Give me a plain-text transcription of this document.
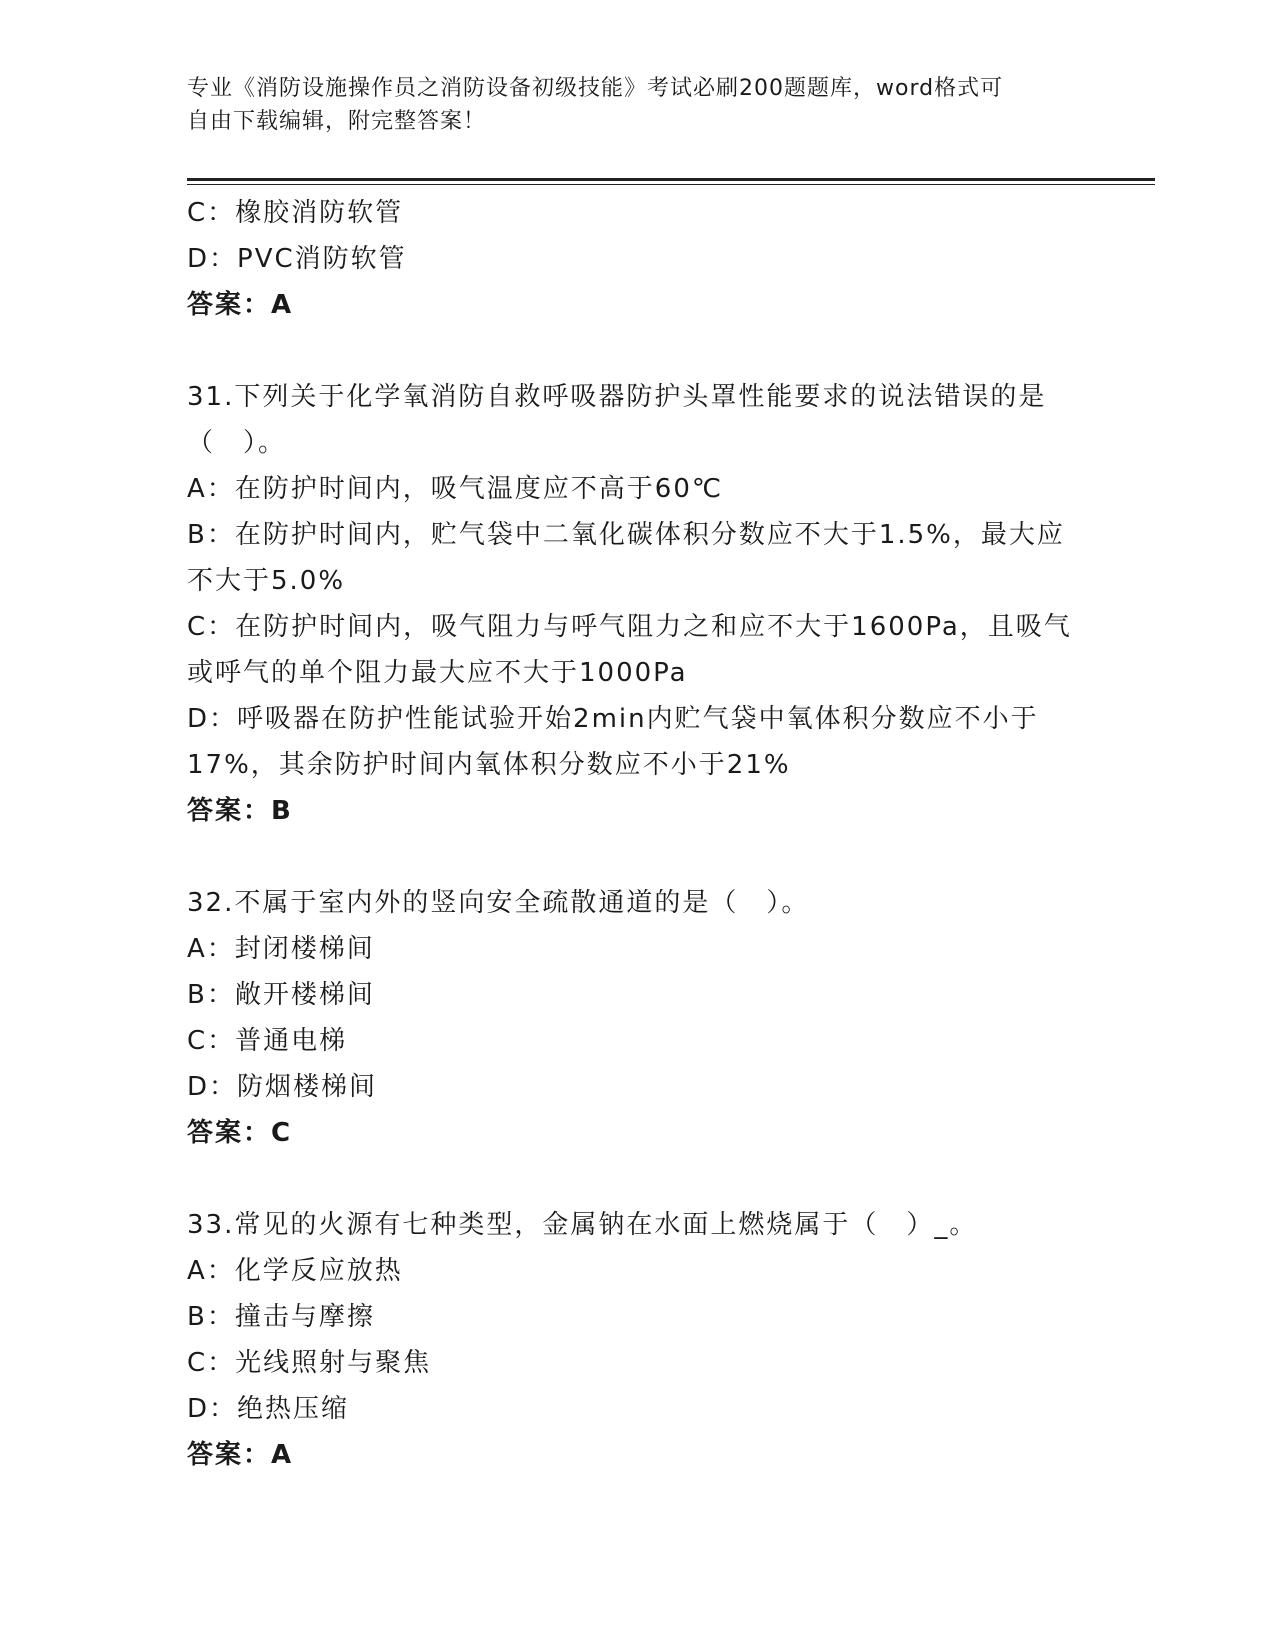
专业《消防设施操作员之消防设备初级技能》考试必刷200题题库，word格式可
自由下载编辑，附完整答案！
C：橡胶消防软管
D：PVC消防软管
答案：A
31.下列关于化学氧消防自救呼吸器防护头罩性能要求的说法错误的是
（　）。
A：在防护时间内，吸气温度应不高于60℃
B：在防护时间内，贮气袋中二氧化碳体积分数应不大于1.5%，最大应
不大于5.0%
C：在防护时间内，吸气阻力与呼气阻力之和应不大于1600Pa，且吸气
或呼气的单个阻力最大应不大于1000Pa
D：呼吸器在防护性能试验开始2min内贮气袋中氧体积分数应不小于
17%，其余防护时间内氧体积分数应不小于21%
答案：B
32.不属于室内外的竖向安全疏散通道的是（　）。
A：封闭楼梯间
B：敞开楼梯间
C：普通电梯
D：防烟楼梯间
答案：C
33.常见的火源有七种类型，金属钠在水面上燃烧属于（　）_。
A：化学反应放热
B：撞击与摩擦
C：光线照射与聚焦
D：绝热压缩
答案：A
